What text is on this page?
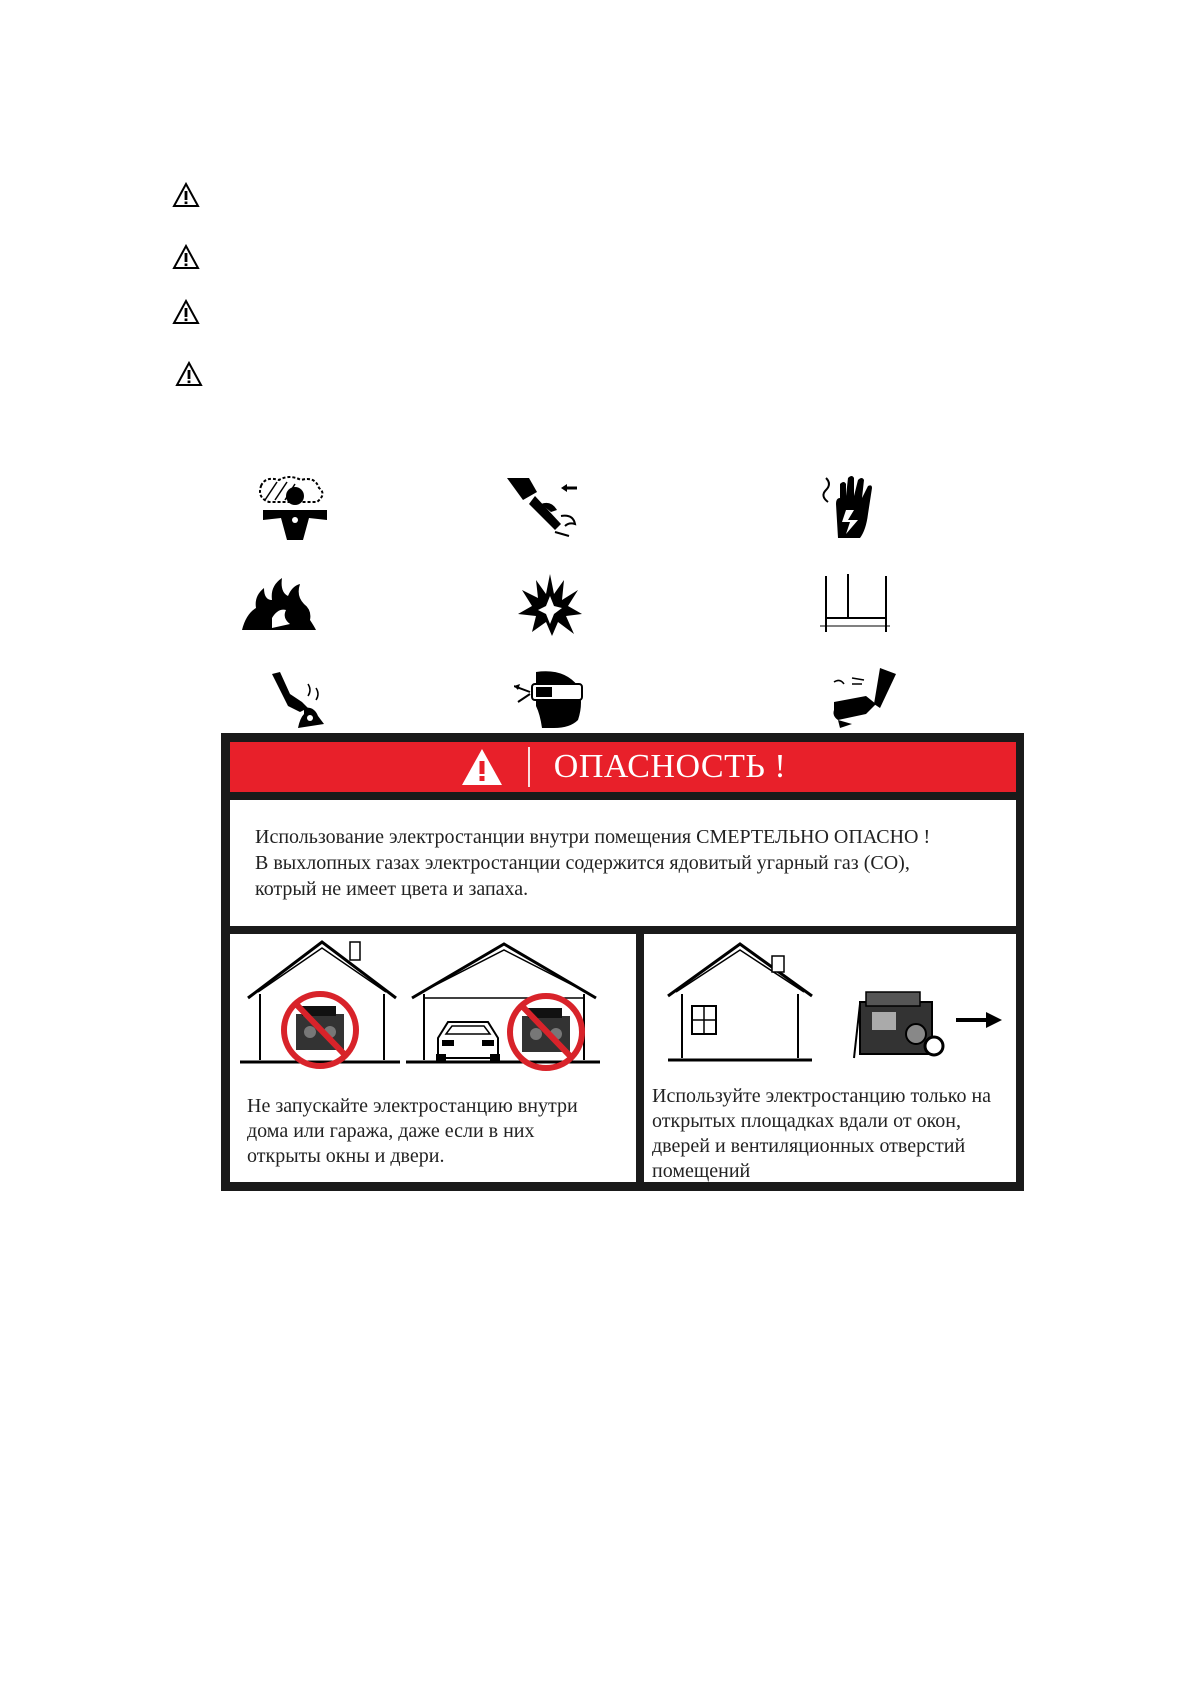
ОПАСНОСТЬ !

Использование электростанции внутри помещения СМЕРТЕЛЬНО ОПАСНО !

В выхлопных газах электростанции содержится ядовитый угарный газ (CO),

котрый не имеет цвета и запаха.

Не запускайте электростанцию внутри
дома или гаража, даже если в них
открыты окны и двери.
Используйте электростанцию только на
открытых площадках вдали от окон,
дверей и вентиляционных отверстий
помещений
